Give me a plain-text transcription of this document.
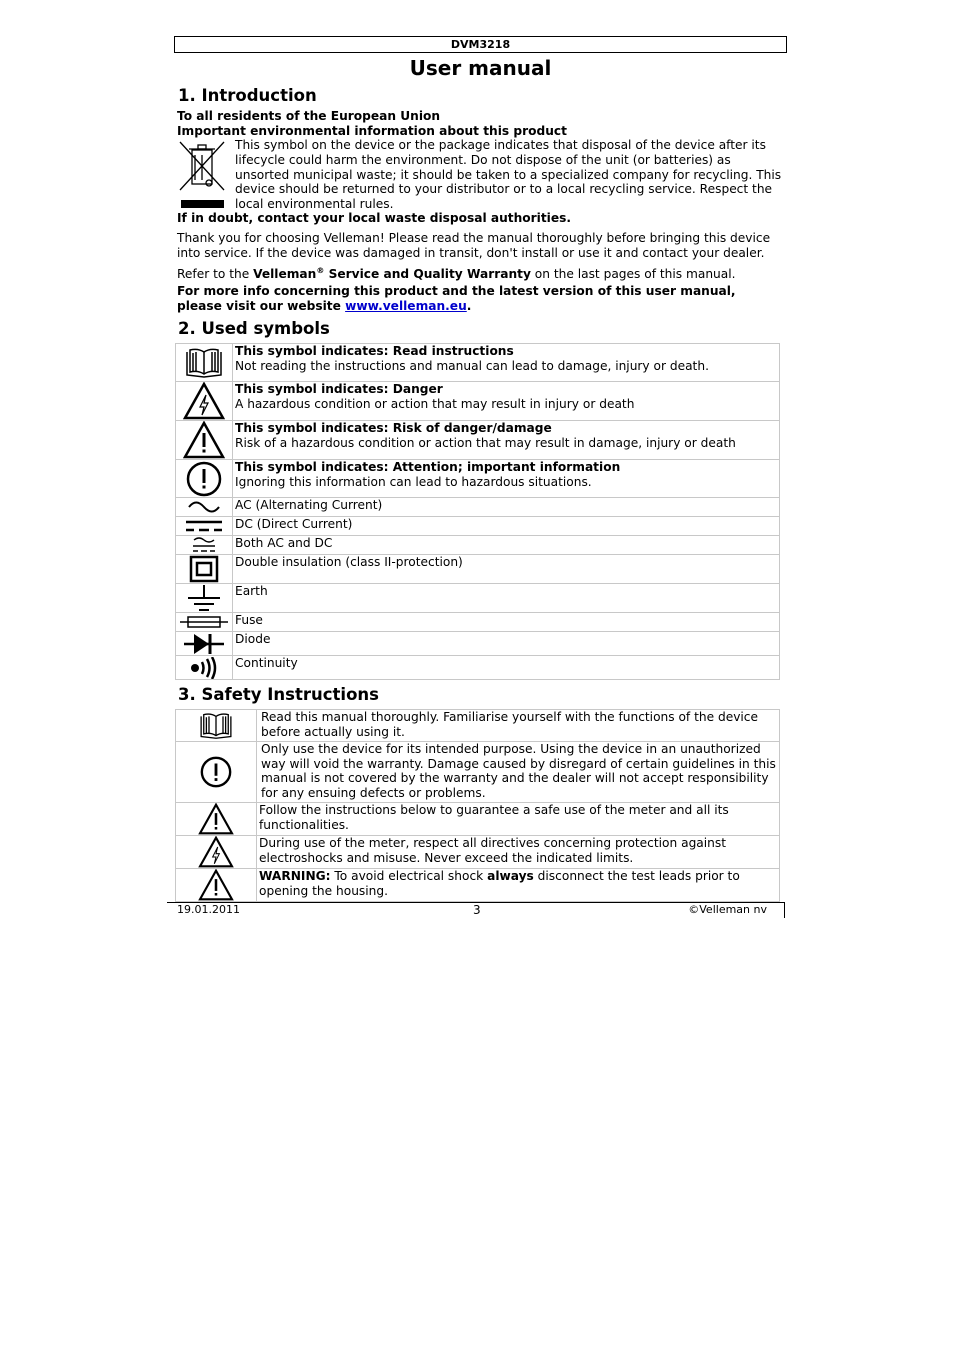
DVM3218
User manual
1. Introduction
To all residents of the European Union
Important environmental information about this product
This symbol on the device or the package indicates that disposal of the device after its lifecycle could harm the environment. Do not dispose of the unit (or batteries) as unsorted municipal waste; it should be taken to a specialized company for recycling. This device should be returned to your distributor or to a local recycling service. Respect the local environmental rules.
If in doubt, contact your local waste disposal authorities.
Thank you for choosing Velleman! Please read the manual thoroughly before bringing this device into service. If the device was damaged in transit, don't install or use it and contact your dealer.
Refer to the Velleman® Service and Quality Warranty on the last pages of this manual.
For more info concerning this product and the latest version of this user manual, please visit our website www.velleman.eu.
2. Used symbols

This symbol indicates: Read instructions
Not reading the instructions and manual can lead to damage, injury or death.

This symbol indicates: Danger
A hazardous condition or action that may result in injury or death

This symbol indicates: Risk of danger/damage
Risk of a hazardous condition or action that may result in damage, injury or death

This symbol indicates: Attention; important information
Ignoring this information can lead to hazardous situations.

	AC (Alternating Current)

	DC (Direct Current)

	Both AC and DC

	Double insulation (class II-protection)

	Earth

	Fuse

	Diode

	Continuity
3. Safety Instructions
	Read this manual thoroughly. Familiarise yourself with the functions of the device before actually using it.

	Only use the device for its intended purpose. Using the device in an unauthorized way will void the warranty. Damage caused by disregard of certain guidelines in this manual is not covered by the warranty and the dealer will not accept responsibility for any ensuing defects or problems.

	Follow the instructions below to guarantee a safe use of the meter and all its functionalities.

	During use of the meter, respect all directives concerning protection against electroshocks and misuse. Never exceed the indicated limits.

	WARNING: To avoid electrical shock always disconnect the test leads prior to opening the housing.
19.01.2011	3	©Velleman nv
